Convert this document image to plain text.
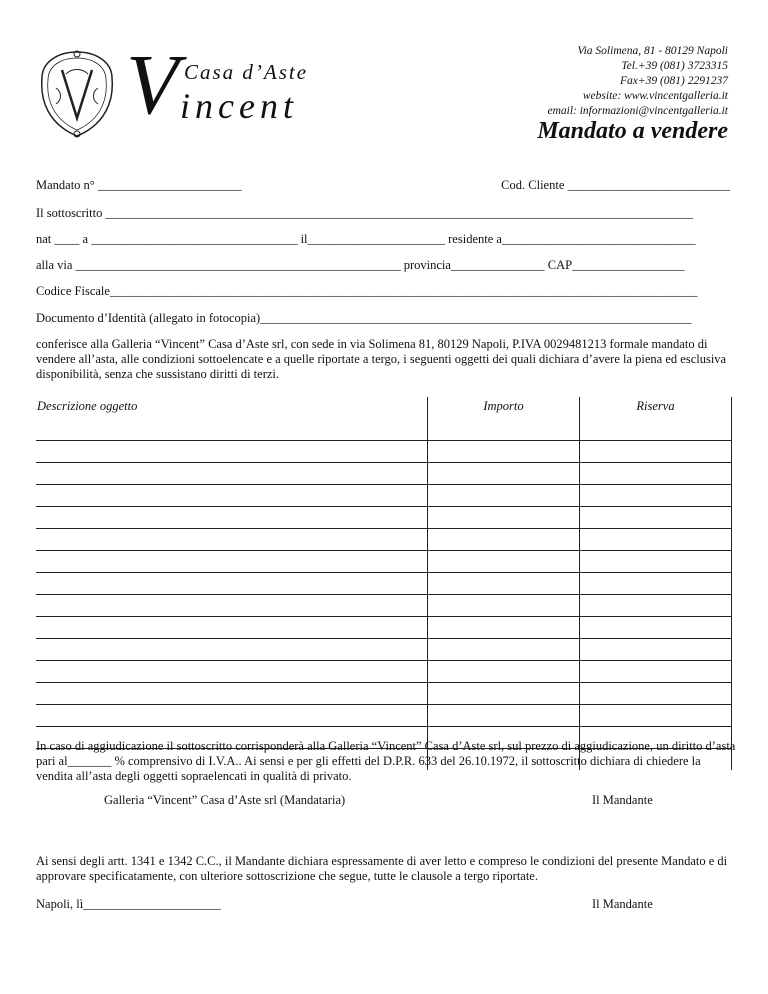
V Casa d’Aste
incent
Via Solimena, 81 - 80129 Napoli
Tel.+39 (081) 3723315
Fax+39 (081) 2291237
website: www.vincentgalleria.it
email: informazioni@vincentgalleria.it
Mandato a vendere
Mandato n° _______________________	Cod. Cliente __________________________
Il sottoscritto ______________________________________________________________________________________________
nat ____ a _________________________________ il______________________ residente a_______________________________
alla via ____________________________________________________ provincia_______________ CAP__________________
Codice Fiscale______________________________________________________________________________________________
Documento d’Identità (allegato in fotocopia)_____________________________________________________________________
conferisce alla Galleria “Vincent” Casa d’Aste srl, con sede in via Solimena 81, 80129 Napoli, P.IVA 0029481213 formale mandato di vendere all’asta, alle condizioni sottoelencate e a quelle riportate a tergo, i seguenti oggetti dei quali dichiara d’avere la piena ed esclusiva disponibilità, senza che sussistano diritti di terzi.
Descrizione oggetto	Importo	Riserva

In caso di aggiudicazione il sottoscritto corrisponderà alla Galleria “Vincent” Casa d’Aste srl, sul prezzo di aggiudicazione, un diritto d’asta pari al_______ % comprensivo di I.V.A.. Ai sensi e per gli effetti del D.P.R. 633 del 26.10.1972, il sottoscritto dichiara di chiedere la vendita all’asta degli oggetti sopraelencati in qualità di privato.
Galleria “Vincent” Casa d’Aste srl (Mandataria)	Il Mandante
Ai sensi degli artt. 1341 e 1342 C.C., il Mandante dichiara espressamente di aver letto e compreso le condizioni del presente Mandato e di approvare specificatamente, con ulteriore sottoscrizione che segue, tutte le clausole a tergo riportate.
Napoli, lì______________________	Il Mandante
